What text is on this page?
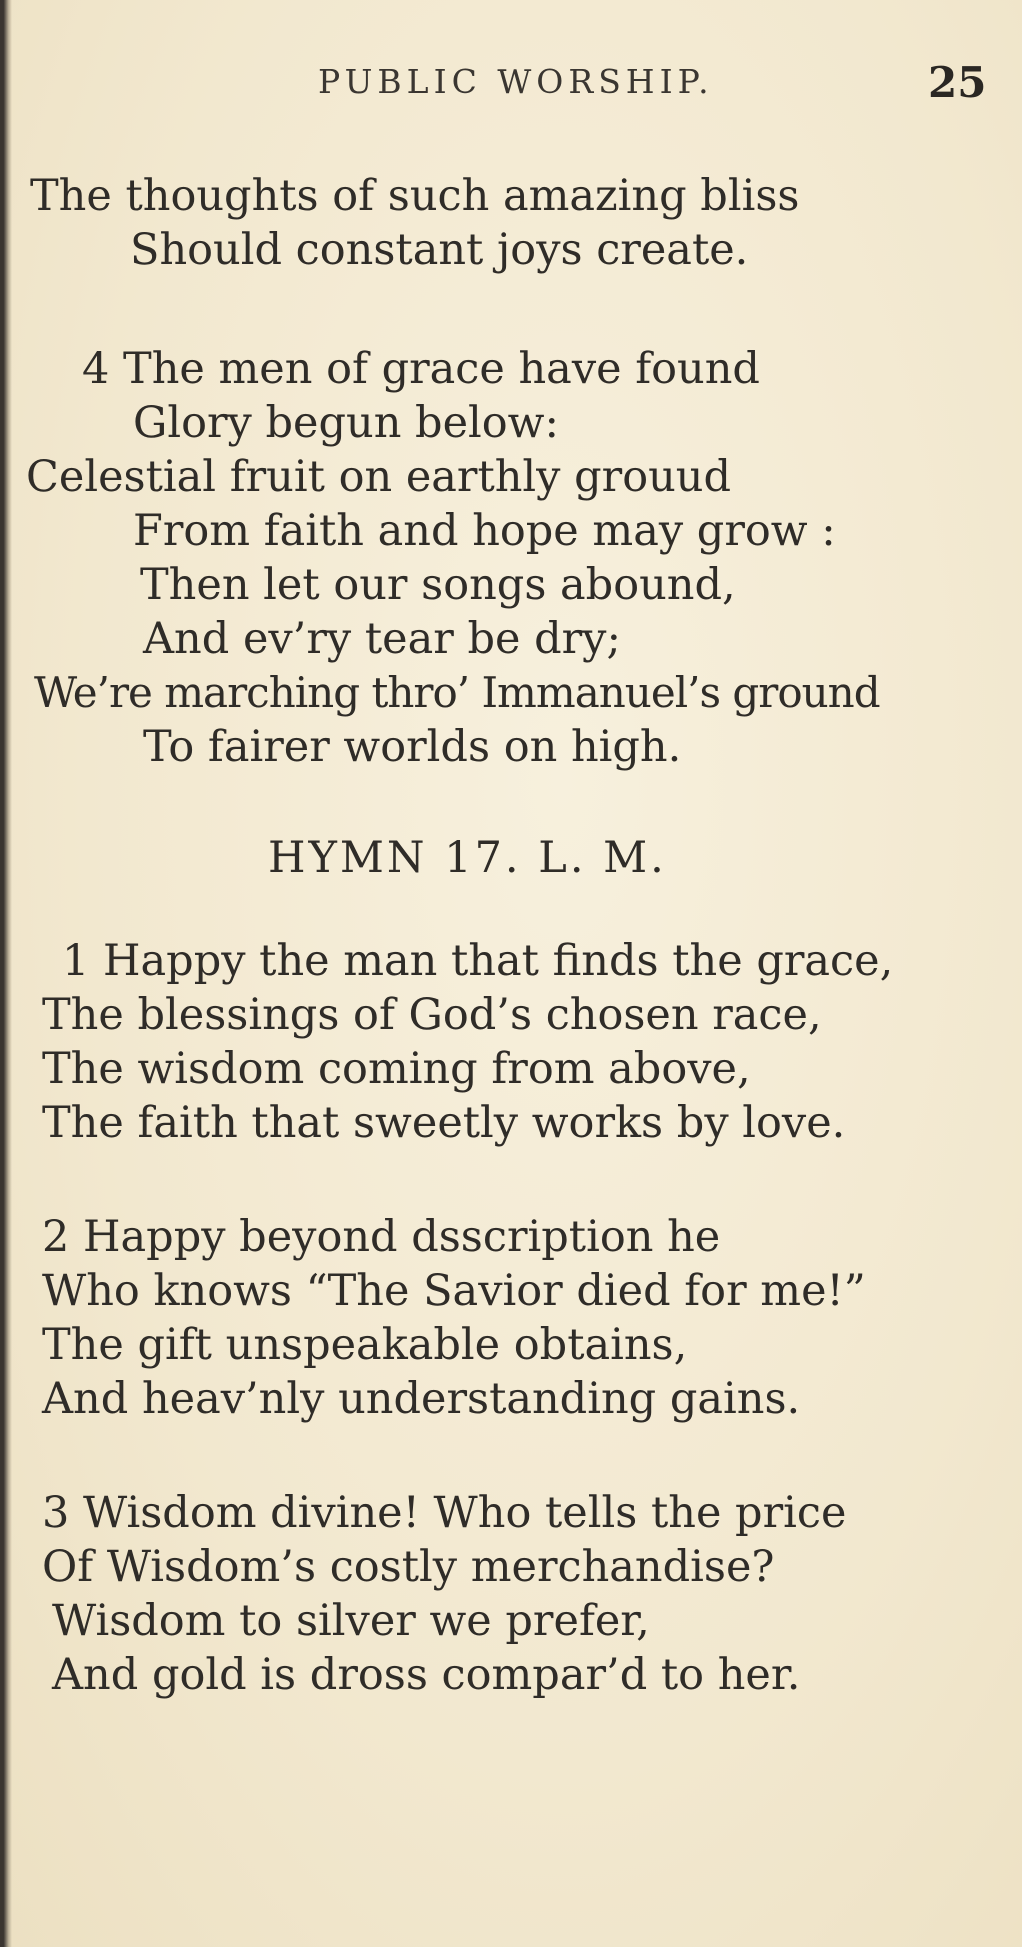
PUBLIC WORSHIP.	25
The thoughts of such amazing bliss
Should constant joys create.
4 The men of grace have found
Glory begun below:
Celestial fruit on earthly grouud
From faith and hope may grow :
Then let our songs abound,
And ev’ry tear be dry;
We’re marching thro’ Immanuel’s ground
To fairer worlds on high.
HYMN 17. L. M.
1 Happy the man that finds the grace,
The blessings of God’s chosen race,
The wisdom coming from above,
The faith that sweetly works by love.
2 Happy beyond dsscription he
Who knows “The Savior died for me!”
The gift unspeakable obtains,
And heav’nly understanding gains.
3 Wisdom divine! Who tells the price
Of Wisdom’s costly merchandise?
Wisdom to silver we prefer,
And gold is dross compar’d to her.
